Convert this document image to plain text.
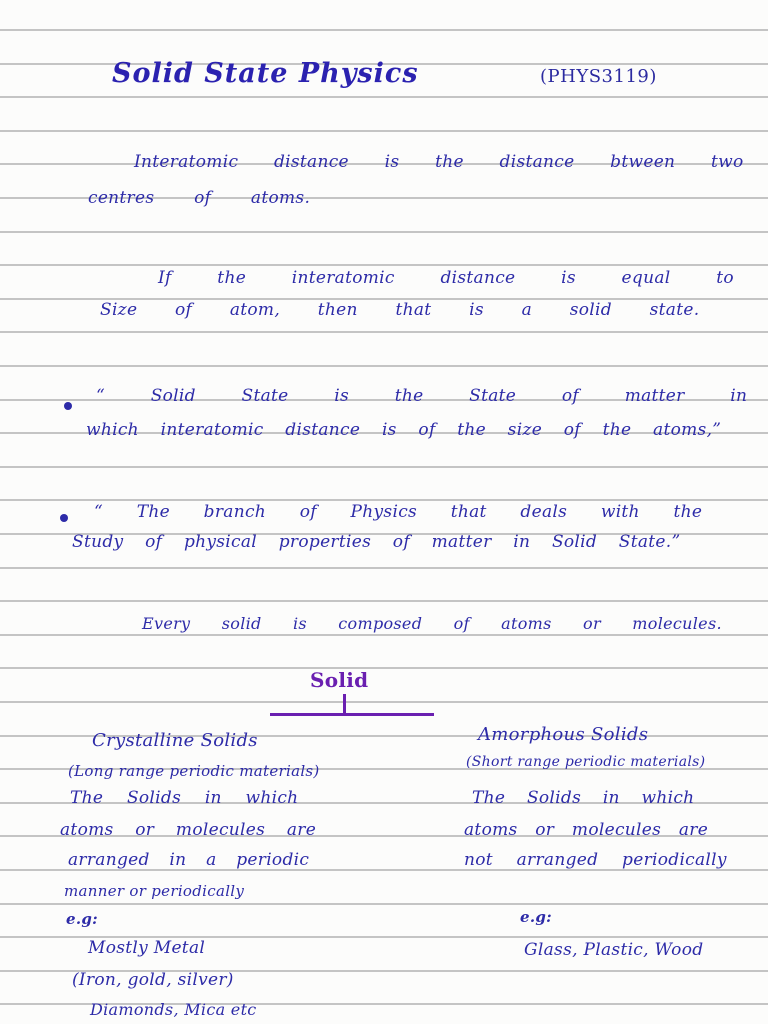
Solid State Physics	(PHYS3119)
Interatomic distance is the distance btween two
centres of atoms.
If the interatomic distance is equal to
Size of atom, then that is a solid state.
“ Solid State is the State of matter in
which interatomic distance is of the size of the atoms,”
“ The branch of Physics that deals with the
Study of physical properties of matter in Solid State.”
Every solid is composed of atoms or molecules.
Solid
Crystalline Solids
(Long range periodic materials)
The Solids in which
atoms or molecules are
arranged in a periodic
manner or periodically
e.g:
Mostly Metal
(Iron, gold, silver)
Diamonds, Mica etc
Amorphous Solids
(Short range periodic materials)
The Solids in which
atoms or molecules are
not arranged periodically
e.g:
Glass, Plastic, Wood
